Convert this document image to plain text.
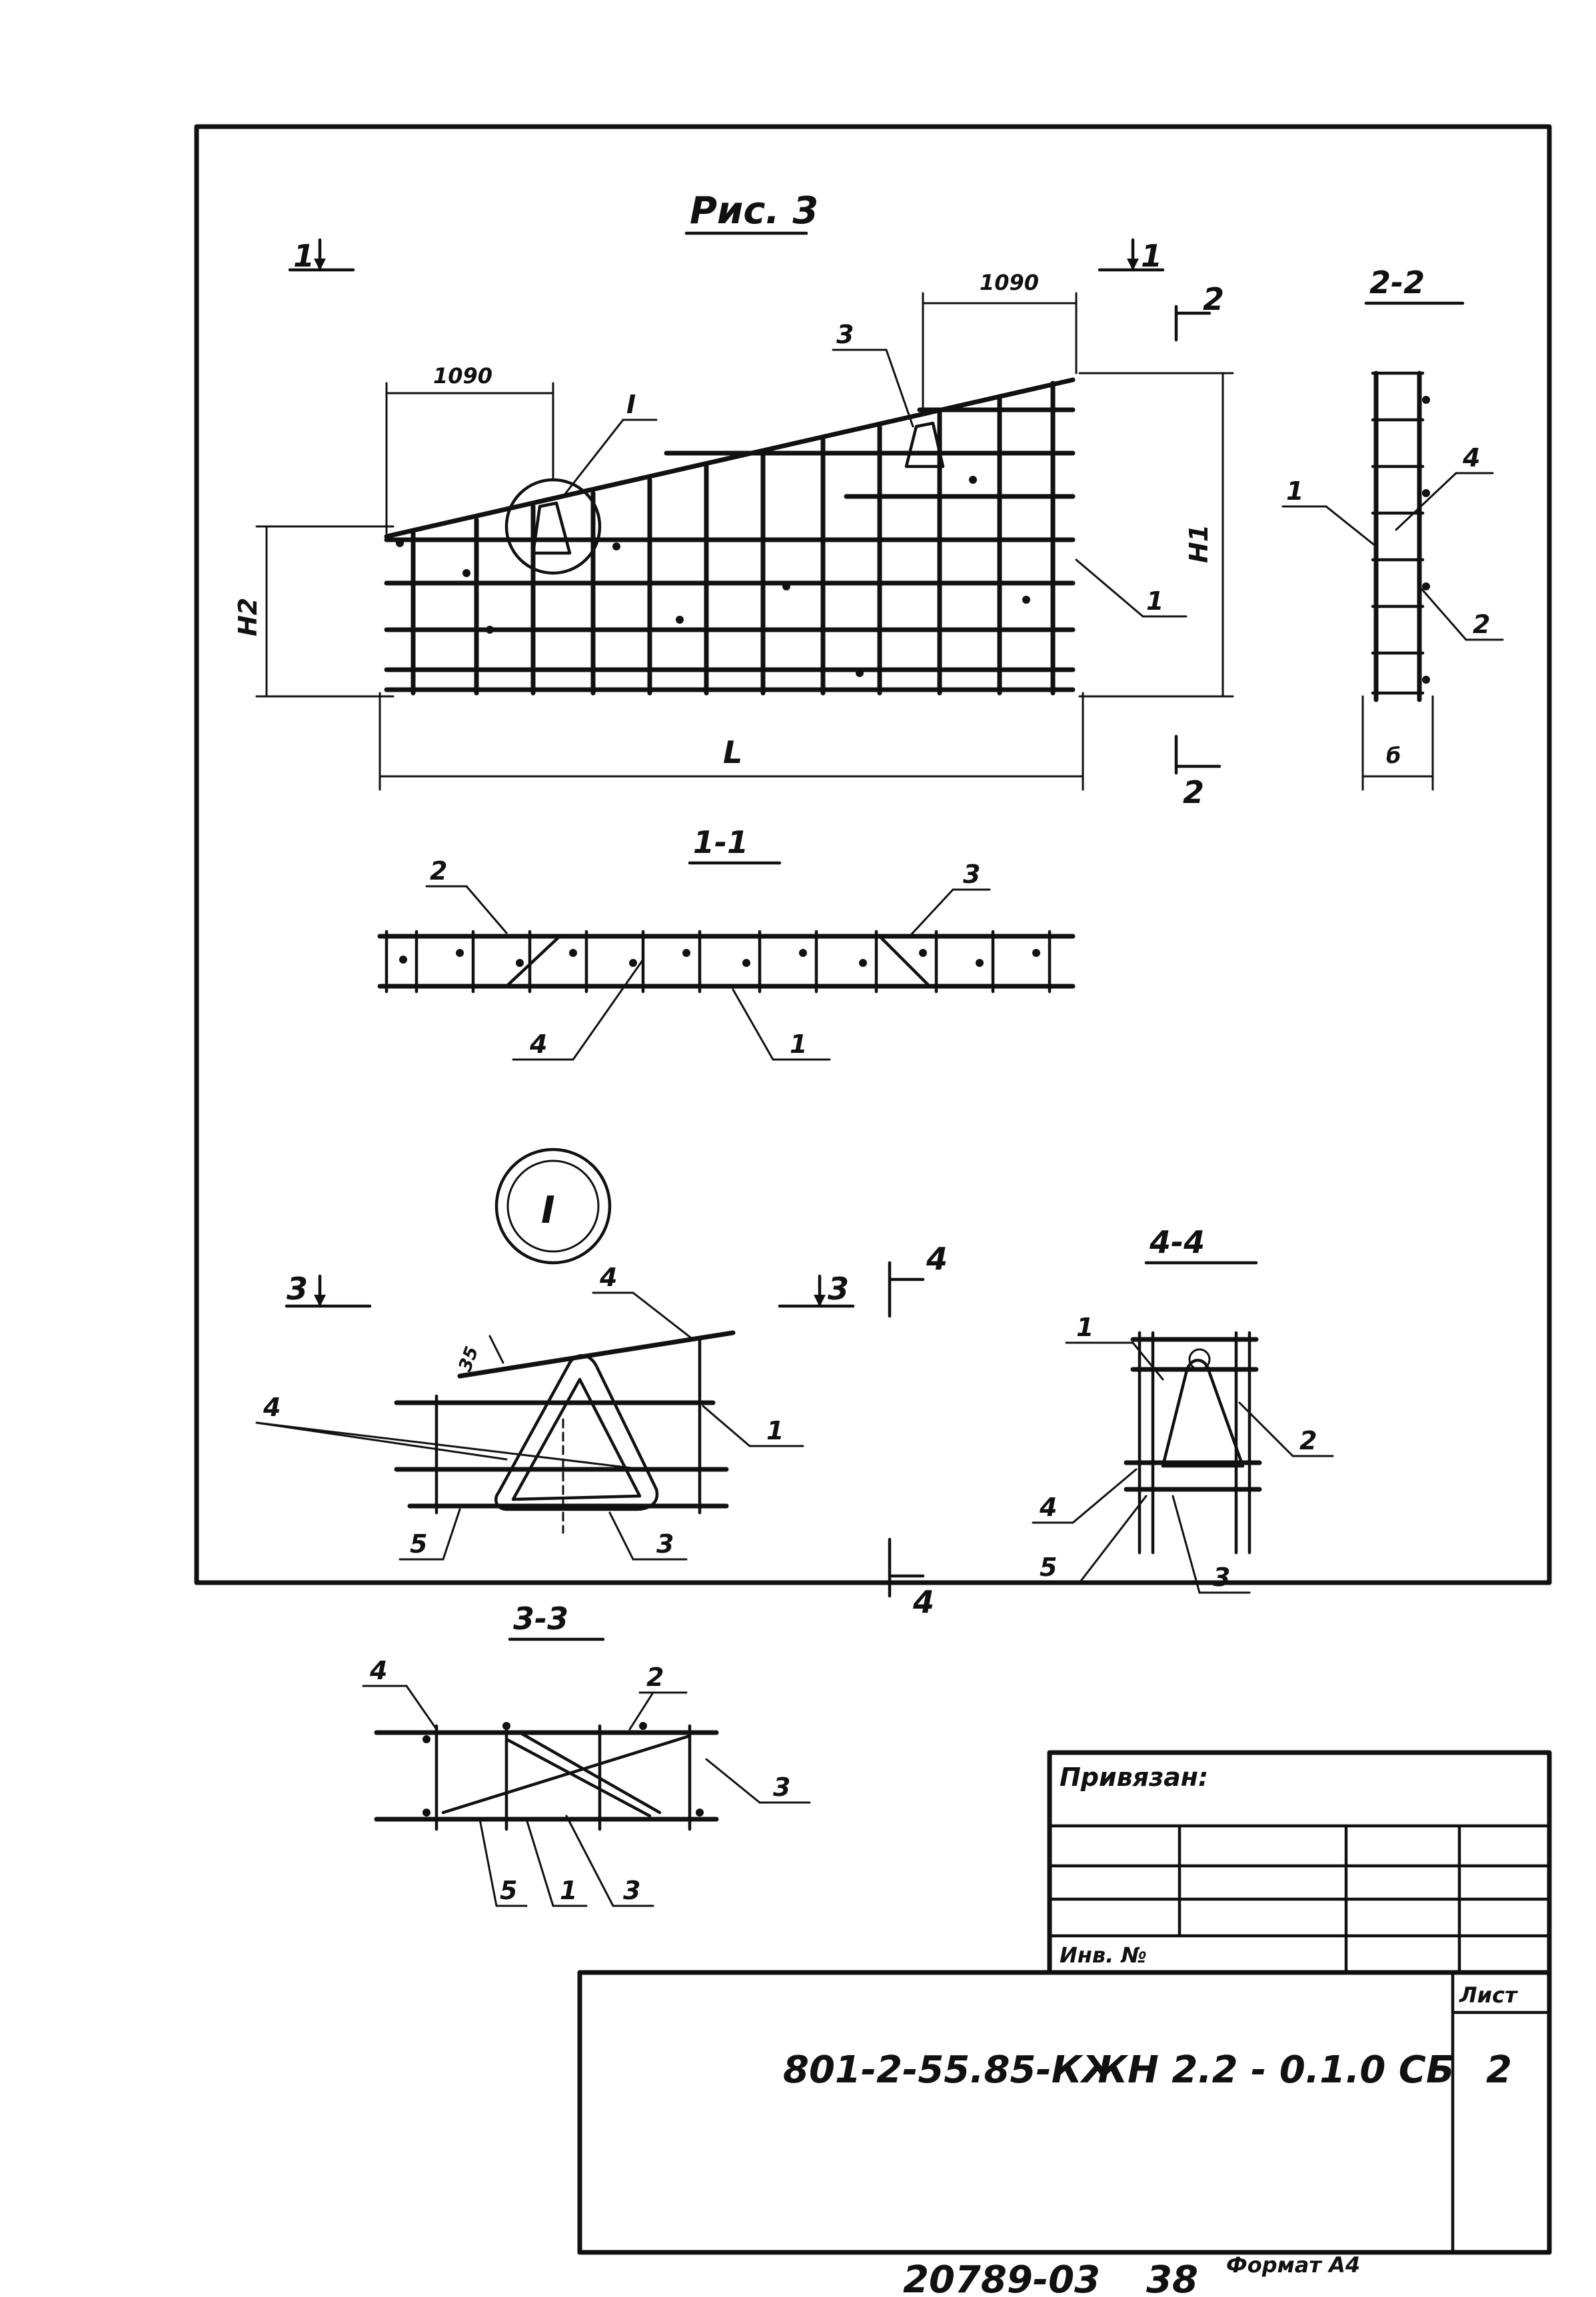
Рис. 3
1	1
2
2
1090
1090
L
H1
H2
I
3
1
2-2
б
1
4
2
1-1
2	3
4	1
I
3	3
4
4
35
4
1
4
5	3
4-4
1
2
4
5	3
3-3
4	2
3
5 1 3
Привязан:
Инв. №
Лист
2
801-2-55.85-КЖН 2.2 - 0.1.0 СБ
20789-03 38 Формат А4
